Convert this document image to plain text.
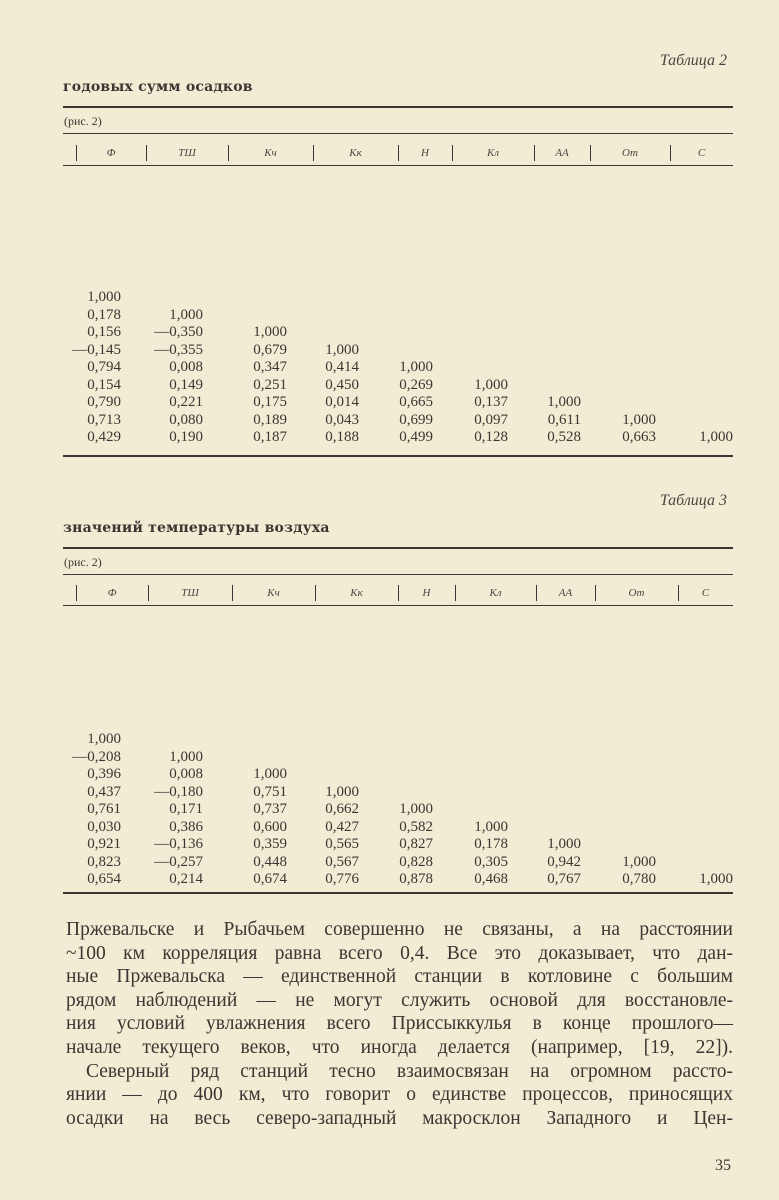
Таблица 2
годовых сумм осадков
(рис. 2)
Ф	ТШ	Кч	Кк	Н	Кл	АА	От	С
1,000
0,178	1,000
0,156	—0,350	1,000
—0,145	—0,355	0,679	1,000
0,794	0,008	0,347	0,414	1,000
0,154	0,149	0,251	0,450	0,269	1,000
0,790	0,221	0,175	0,014	0,665	0,137	1,000
0,713	0,080	0,189	0,043	0,699	0,097	0,611	1,000
0,429	0,190	0,187	0,188	0,499	0,128	0,528	0,663	1,000
Таблица 3
значений температуры воздуха
(рис. 2)
Ф	ТШ	Кч	Кк	Н	Кл	АА	От	С
1,000
—0,208	1,000
0,396	0,008	1,000
0,437	—0,180	0,751	1,000
0,761	0,171	0,737	0,662	1,000
0,030	0,386	0,600	0,427	0,582	1,000
0,921	—0,136	0,359	0,565	0,827	0,178	1,000
0,823	—0,257	0,448	0,567	0,828	0,305	0,942	1,000
0,654	0,214	0,674	0,776	0,878	0,468	0,767	0,780	1,000
Пржевальске и Рыбачьем совершенно не связаны, а на расстоянии
~100 км корреляция равна всего 0,4. Все это доказывает, что дан-
ные Пржевальска — единственной станции в котловине с большим
рядом наблюдений — не могут служить основой для восстановле-
ния условий увлажнения всего Приссыккулья в конце прошлого—
начале текущего веков, что иногда делается (например, [19, 22]).
Северный ряд станций тесно взаимосвязан на огромном рассто-
янии — до 400 км, что говорит о единстве процессов, приносящих
осадки на весь северо-западный макросклон Западного и Цен-
35
